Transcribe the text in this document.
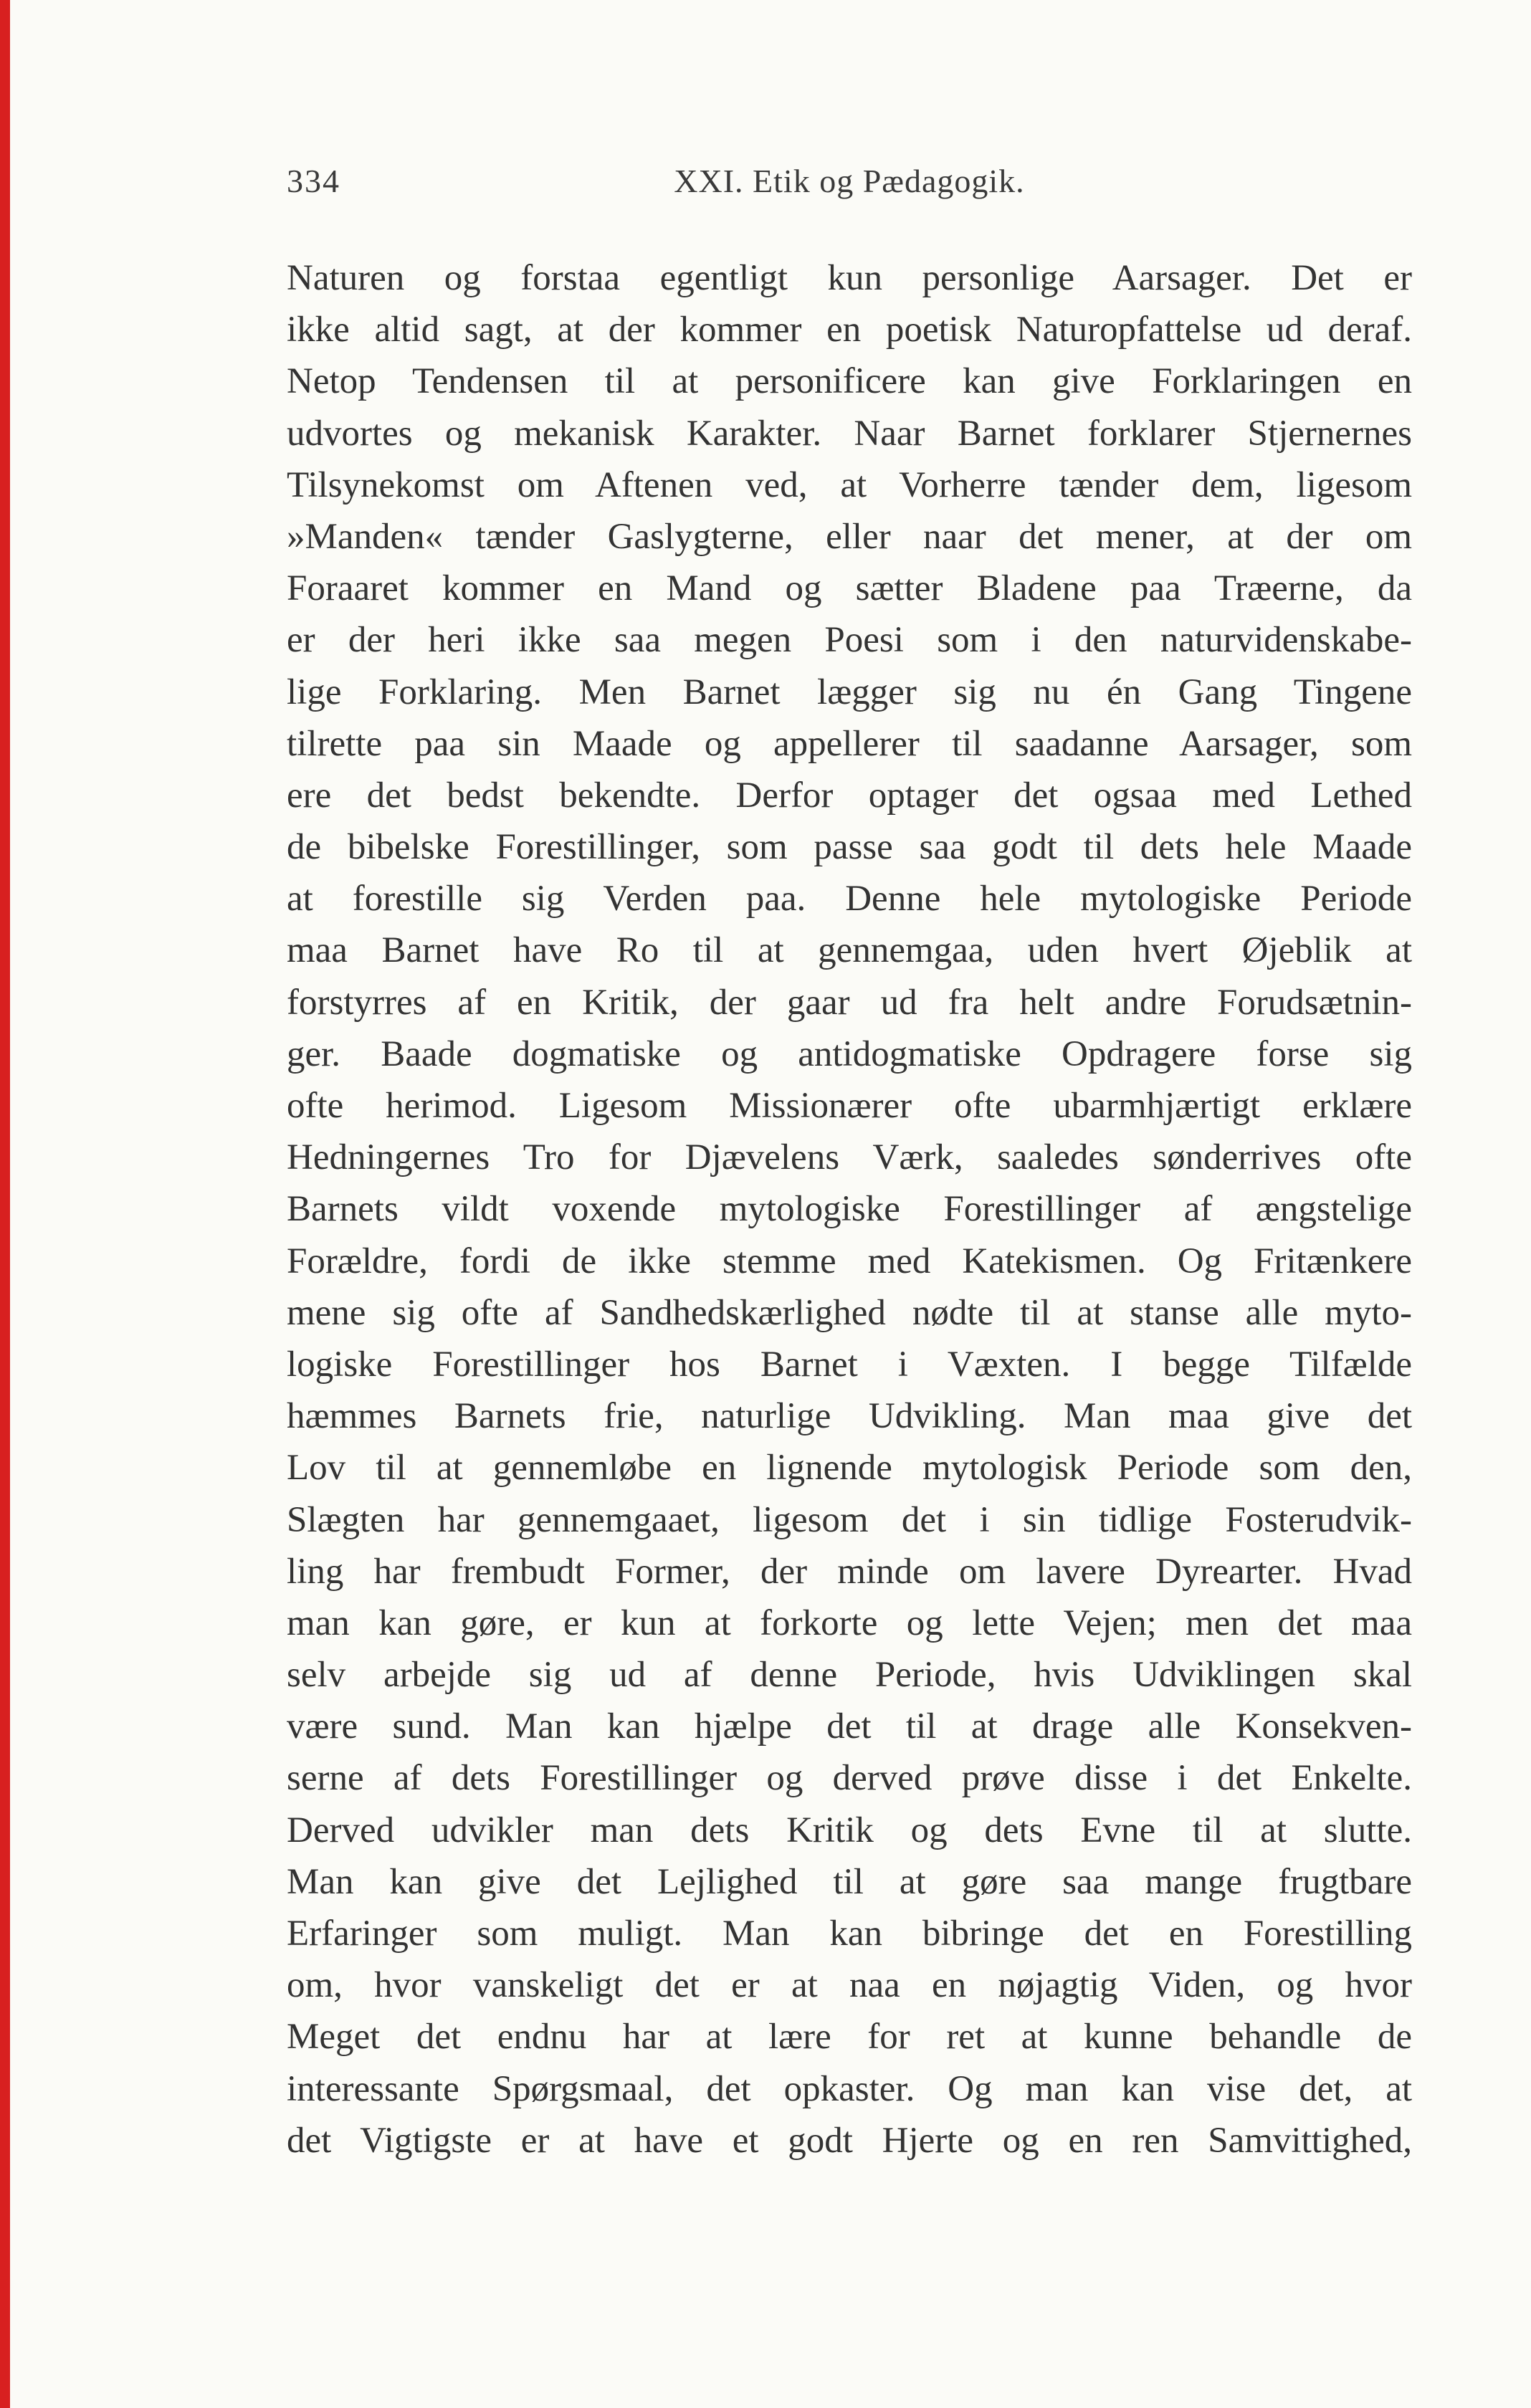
334	XXI. Etik og Pædagogik.
Naturen og forstaa egentligt kun personlige Aarsager. Det er
ikke altid sagt, at der kommer en poetisk Naturopfattelse ud deraf.
Netop Tendensen til at personificere kan give Forklaringen en
udvortes og mekanisk Karakter. Naar Barnet forklarer Stjernernes
Tilsynekomst om Aftenen ved, at Vorherre tænder dem, ligesom
»Manden« tænder Gaslygterne, eller naar det mener, at der om
Foraaret kommer en Mand og sætter Bladene paa Træerne, da
er der heri ikke saa megen Poesi som i den naturvidenskabe-
lige Forklaring. Men Barnet lægger sig nu én Gang Tingene
tilrette paa sin Maade og appellerer til saadanne Aarsager, som
ere det bedst bekendte. Derfor optager det ogsaa med Lethed
de bibelske Forestillinger, som passe saa godt til dets hele Maade
at forestille sig Verden paa. Denne hele mytologiske Periode
maa Barnet have Ro til at gennemgaa, uden hvert Øjeblik at
forstyrres af en Kritik, der gaar ud fra helt andre Forudsætnin-
ger. Baade dogmatiske og antidogmatiske Opdragere forse sig
ofte herimod. Ligesom Missionærer ofte ubarmhjærtigt erklære
Hedningernes Tro for Djævelens Værk, saaledes sønderrives ofte
Barnets vildt voxende mytologiske Forestillinger af ængstelige
Forældre, fordi de ikke stemme med Katekismen. Og Fritænkere
mene sig ofte af Sandhedskærlighed nødte til at stanse alle myto-
logiske Forestillinger hos Barnet i Væxten. I begge Tilfælde
hæmmes Barnets frie, naturlige Udvikling. Man maa give det
Lov til at gennemløbe en lignende mytologisk Periode som den,
Slægten har gennemgaaet, ligesom det i sin tidlige Fosterudvik-
ling har frembudt Former, der minde om lavere Dyrearter. Hvad
man kan gøre, er kun at forkorte og lette Vejen; men det maa
selv arbejde sig ud af denne Periode, hvis Udviklingen skal
være sund. Man kan hjælpe det til at drage alle Konsekven-
serne af dets Forestillinger og derved prøve disse i det Enkelte.
Derved udvikler man dets Kritik og dets Evne til at slutte.
Man kan give det Lejlighed til at gøre saa mange frugtbare
Erfaringer som muligt. Man kan bibringe det en Forestilling
om, hvor vanskeligt det er at naa en nøjagtig Viden, og hvor
Meget det endnu har at lære for ret at kunne behandle de
interessante Spørgsmaal, det opkaster. Og man kan vise det, at
det Vigtigste er at have et godt Hjerte og en ren Samvittighed,
